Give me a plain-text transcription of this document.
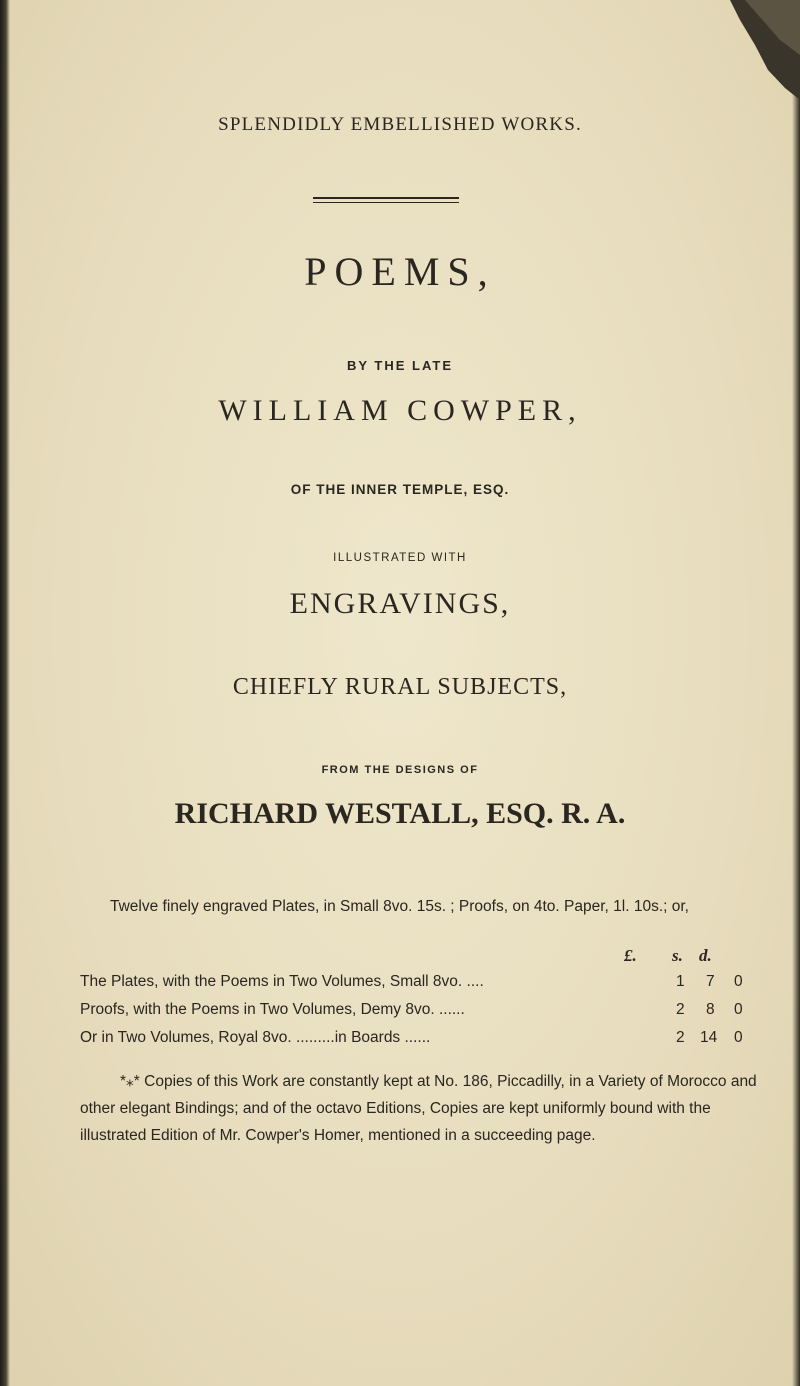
SPLENDIDLY EMBELLISHED WORKS.
POEMS,
BY THE LATE
WILLIAM COWPER,
OF THE INNER TEMPLE, ESQ.
ILLUSTRATED WITH
ENGRAVINGS,
CHIEFLY RURAL SUBJECTS,
FROM THE DESIGNS OF
RICHARD WESTALL, ESQ. R. A.
Twelve finely engraved Plates, in Small 8vo. 15s. ; Proofs, on 4to. Paper, 1l. 10s.; or,
£. s. d.
The Plates, with the Poems in Two Volumes, Small 8vo. ....	1 7 0
Proofs, with the Poems in Two Volumes, Demy 8vo. ......	2 8 0
Or in Two Volumes, Royal 8vo. .........in Boards ......	2 14 0
*⁎* Copies of this Work are constantly kept at No. 186, Piccadilly, in a Variety of Morocco and other elegant Bindings; and of the octavo Editions, Copies are kept uniformly bound with the illustrated Edition of Mr. Cowper's Homer, mentioned in a succeeding page.
